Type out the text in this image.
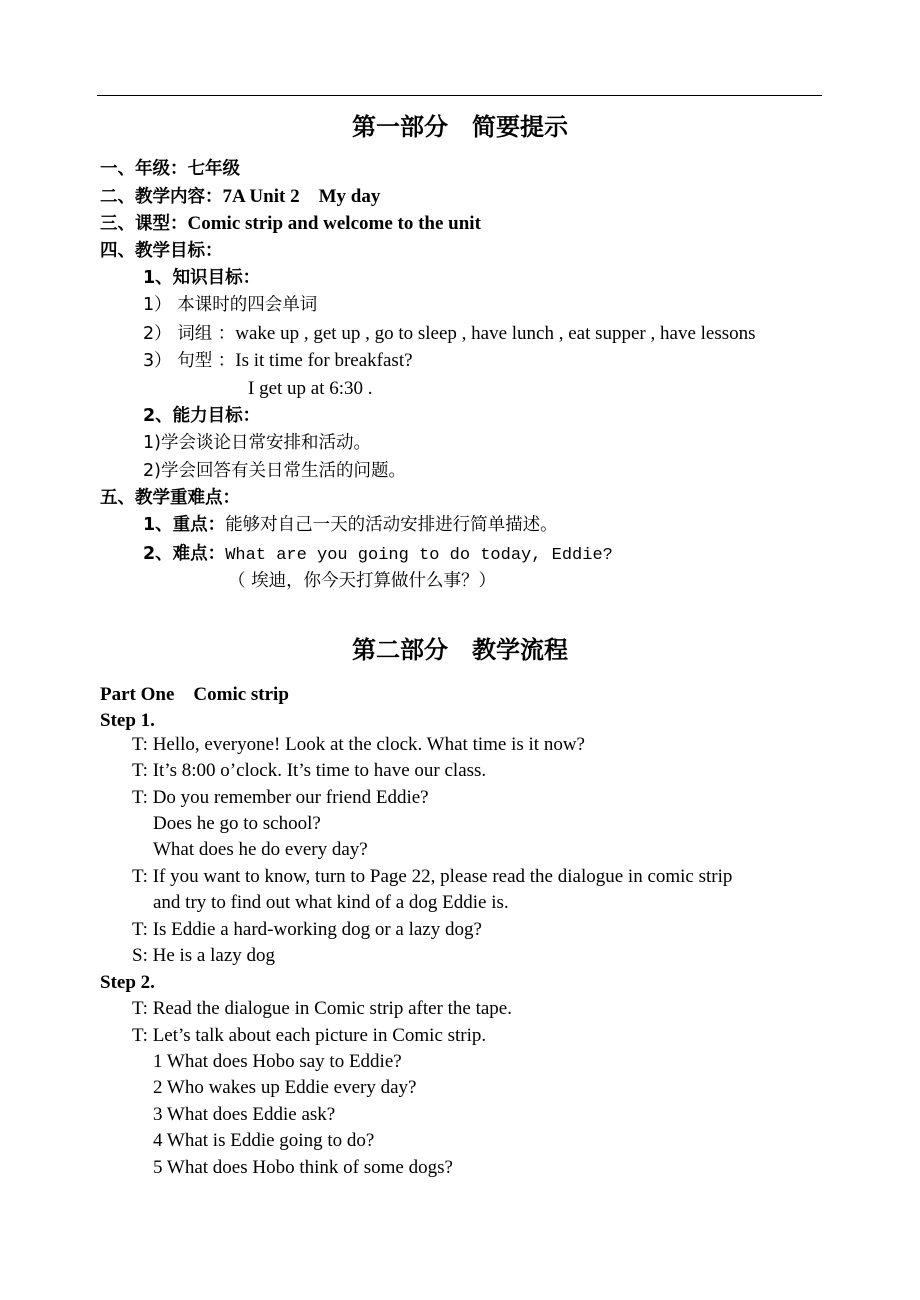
第一部分　简要提示
一、年级：七年级
二、教学内容：7A Unit 2　My day
三、课型：Comic strip and welcome to the unit
四、教学目标：
1、知识目标：
1） 本课时的四会单词
2） 词组 ：wake up , get up , go to sleep , have lunch , eat supper , have lessons
3） 句型 ：Is it time for breakfast?
I get up at 6:30 .
2、能力目标：
1)学会谈论日常安排和活动。
2)学会回答有关日常生活的问题。
五、教学重难点：
1、重点：能够对自己一天的活动安排进行简单描述。
2、难点：What are you going to do today, Eddie?
（ 埃迪，你今天打算做什么事？）
第二部分　教学流程
Part One　Comic strip
Step 1.
T: Hello, everyone! Look at the clock. What time is it now?
T: It’s 8:00 o’clock. It’s time to have our class.
T: Do you remember our friend Eddie?
Does he go to school?
What does he do every day?
T: If you want to know, turn to Page 22, please read the dialogue in comic strip
and try to find out what kind of a dog Eddie is.
T: Is Eddie a hard-working dog or a lazy dog?
S: He is a lazy dog
Step 2.
T: Read the dialogue in Comic strip after the tape.
T: Let’s talk about each picture in Comic strip.
1 What does Hobo say to Eddie?
2 Who wakes up Eddie every day?
3 What does Eddie ask?
4 What is Eddie going to do?
5 What does Hobo think of some dogs?
